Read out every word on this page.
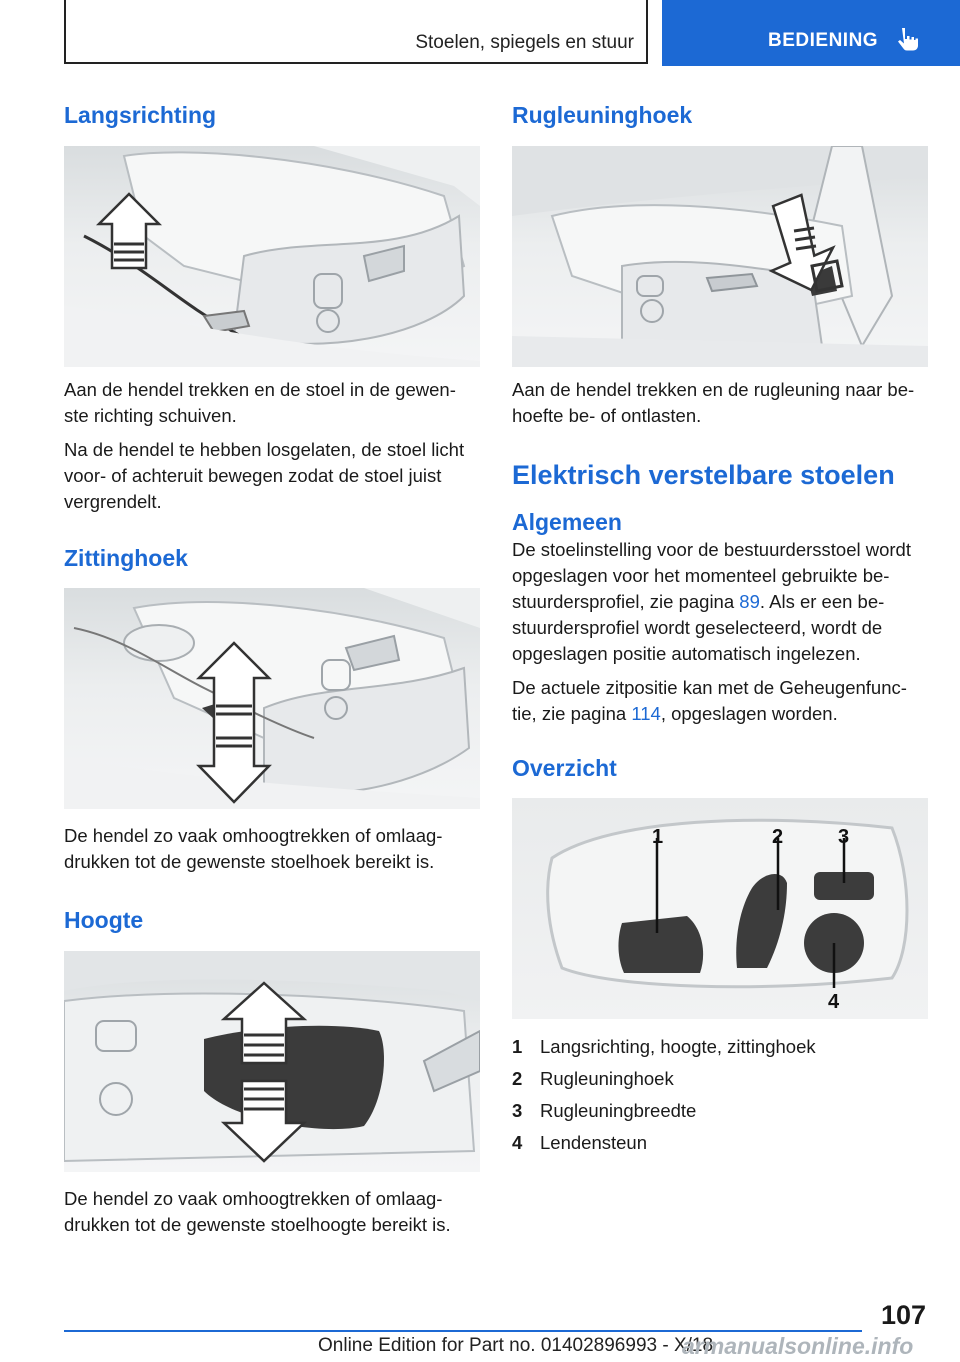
Stoelen, spiegels en stuur	BEDIENING
Langsrichting

Aan de hendel trekken en de stoel in de gewen-ste richting schuiven.

Na de hendel te hebben losgelaten, de stoel licht voor- of achteruit bewegen zodat de stoel juist vergrendelt.

Zittinghoek

De hendel zo vaak omhoogtrekken of omlaag-drukken tot de gewenste stoelhoek bereikt is.

Hoogte

De hendel zo vaak omhoogtrekken of omlaag-drukken tot de gewenste stoelhoogte bereikt is.

Rugleuninghoek

Aan de hendel trekken en de rugleuning naar be-hoefte be- of ontlasten.

Elektrisch verstelbare stoelen
Algemeen

De stoelinstelling voor de bestuurdersstoel wordt opgeslagen voor het momenteel gebruikte be-stuurdersprofiel, zie pagina 89. Als er een be-stuurdersprofiel wordt geselecteerd, wordt de opgeslagen positie automatisch ingelezen.

De actuele zitpositie kan met de Geheugenfunc-tie, zie pagina 114, opgeslagen worden.

Overzicht
1	2	3
4
1 Langsrichting, hoogte, zittinghoek
2 Rugleuninghoek
3 Rugleuningbreedte
4 Lendensteun
107
Online Edition for Part no. 01402896993 - X/18
armanualsonline.info
